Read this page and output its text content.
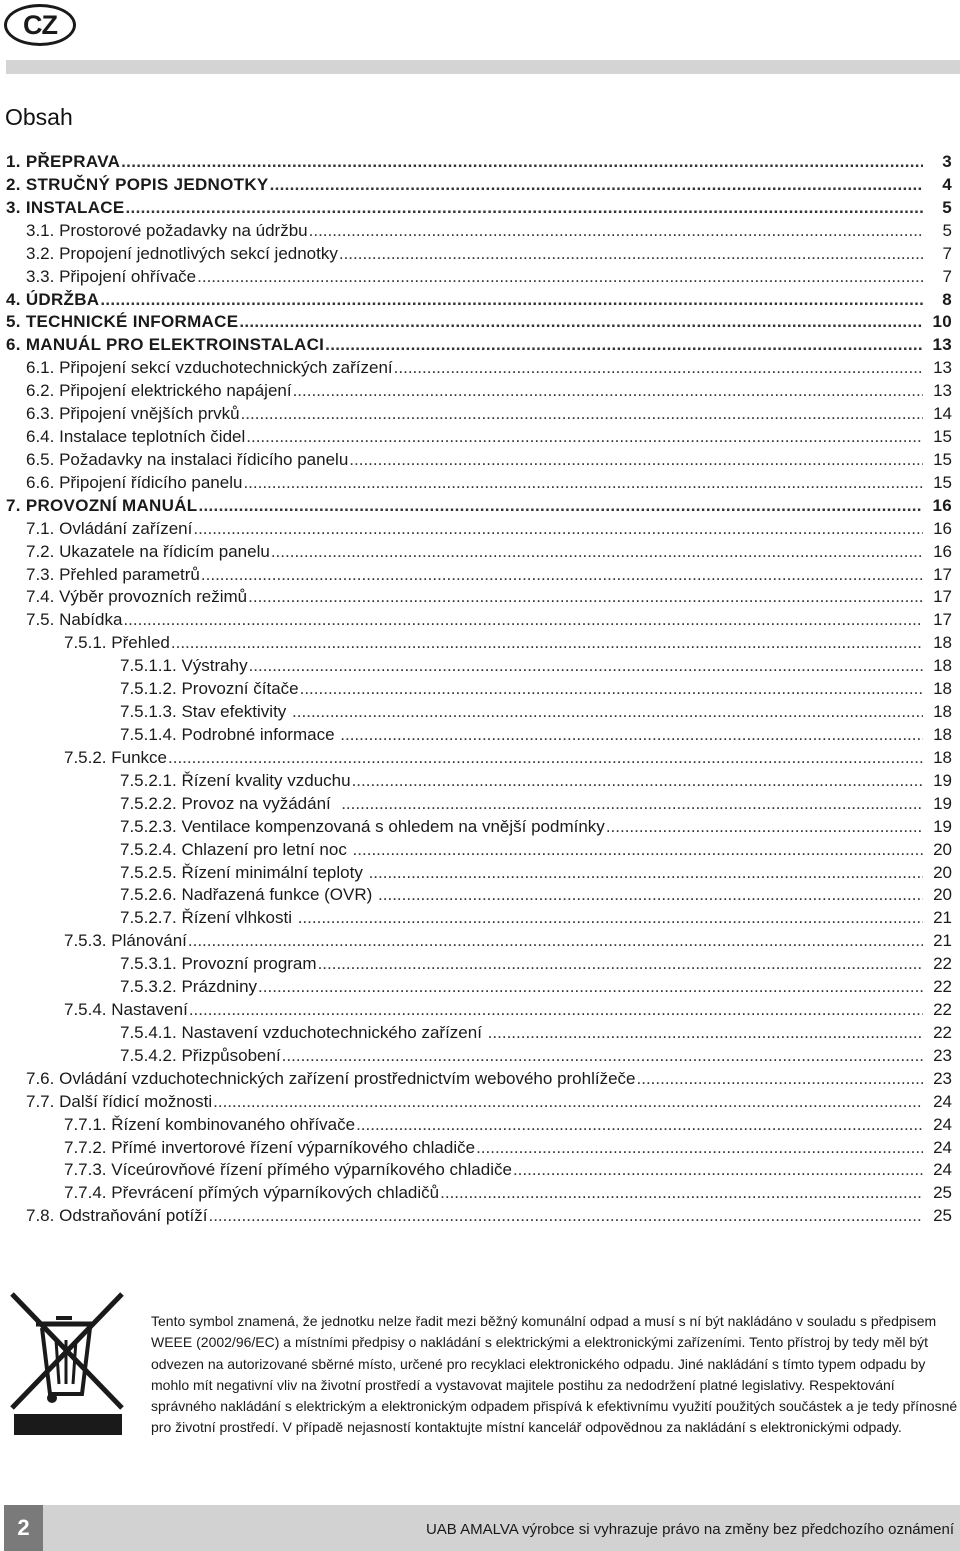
CZ
Obsah
1. PŘEPRAVA .....	3
2. STRUČNÝ POPIS JEDNOTKY .....	4
3. INSTALACE .....	5
3.1. Prostorové požadavky na údržbu .....	5
3.2. Propojení jednotlivých sekcí jednotky .....	7
3.3. Připojení ohřívače .....	7
4. ÚDRŽBA .....	8
5. TECHNICKÉ INFORMACE .....	10
6. MANUÁL PRO ELEKTROINSTALACI .....	13
6.1. Připojení sekcí vzduchotechnických zařízení .....	13
6.2. Připojení elektrického napájení .....	13
6.3. Připojení vnějších prvků .....	14
6.4. Instalace teplotních čidel .....	15
6.5. Požadavky na instalaci řídicího panelu .....	15
6.6. Připojení řídicího panelu .....	15
7. PROVOZNÍ MANUÁL .....	16
7.1. Ovládání zařízení .....	16
7.2. Ukazatele na řídicím panelu .....	16
7.3. Přehled parametrů .....	17
7.4. Výběr provozních režimů .....	17
7.5. Nabídka .....	17
7.5.1. Přehled .....	18
7.5.1.1. Výstrahy .....	18
7.5.1.2. Provozní čítače .....	18
7.5.1.3. Stav efektivity .....	18
7.5.1.4. Podrobné informace .....	18
7.5.2. Funkce .....	18
7.5.2.1. Řízení kvality vzduchu .....	19
7.5.2.2. Provoz na vyžádání .....	19
7.5.2.3. Ventilace kompenzovaná s ohledem na vnější podmínky .....	19
7.5.2.4. Chlazení pro letní noc .....	20
7.5.2.5. Řízení minimální teploty .....	20
7.5.2.6. Nadřazená funkce (OVR) .....	20
7.5.2.7. Řízení vlhkosti .....	21
7.5.3. Plánování .....	21
7.5.3.1. Provozní program .....	22
7.5.3.2. Prázdniny .....	22
7.5.4. Nastavení .....	22
7.5.4.1. Nastavení vzduchotechnického zařízení .....	22
7.5.4.2. Přizpůsobení .....	23
7.6. Ovládání vzduchotechnických zařízení prostřednictvím webového prohlížeče .....	23
7.7. Další řídicí možnosti .....	24
7.7.1. Řízení kombinovaného ohřívače .....	24
7.7.2. Přímé invertorové řízení výparníkového chladiče .....	24
7.7.3. Víceúrovňové řízení přímého výparníkového chladiče .....	24
7.7.4. Převrácení přímých výparníkových chladičů .....	25
7.8. Odstraňování potíží .....	25

Tento symbol znamená, že jednotku nelze řadit mezi běžný komunální odpad a musí s ní být nakládáno v souladu s předpisem WEEE (2002/96/EC) a místními předpisy o nakládání s elektrickými a elektronickými zařízeními. Tento přístroj by tedy měl být odvezen na autorizované sběrné místo, určené pro recyklaci elektronického odpadu. Jiné nakládání s tímto typem odpadu by mohlo mít negativní vliv na životní prostředí a vystavovat majitele postihu za nedodržení platné legislativy. Respektování správného nakládání s elektrickým a elektronickým odpadem přispívá k efektivnímu využití použitých součástek a je tedy přínosné pro životní prostředí. V případě nejasností kontaktujte místní kancelář odpovědnou za nakládání s elektronickými odpady.

2	UAB AMALVA výrobce si vyhrazuje právo na změny bez předchozího oznámení
